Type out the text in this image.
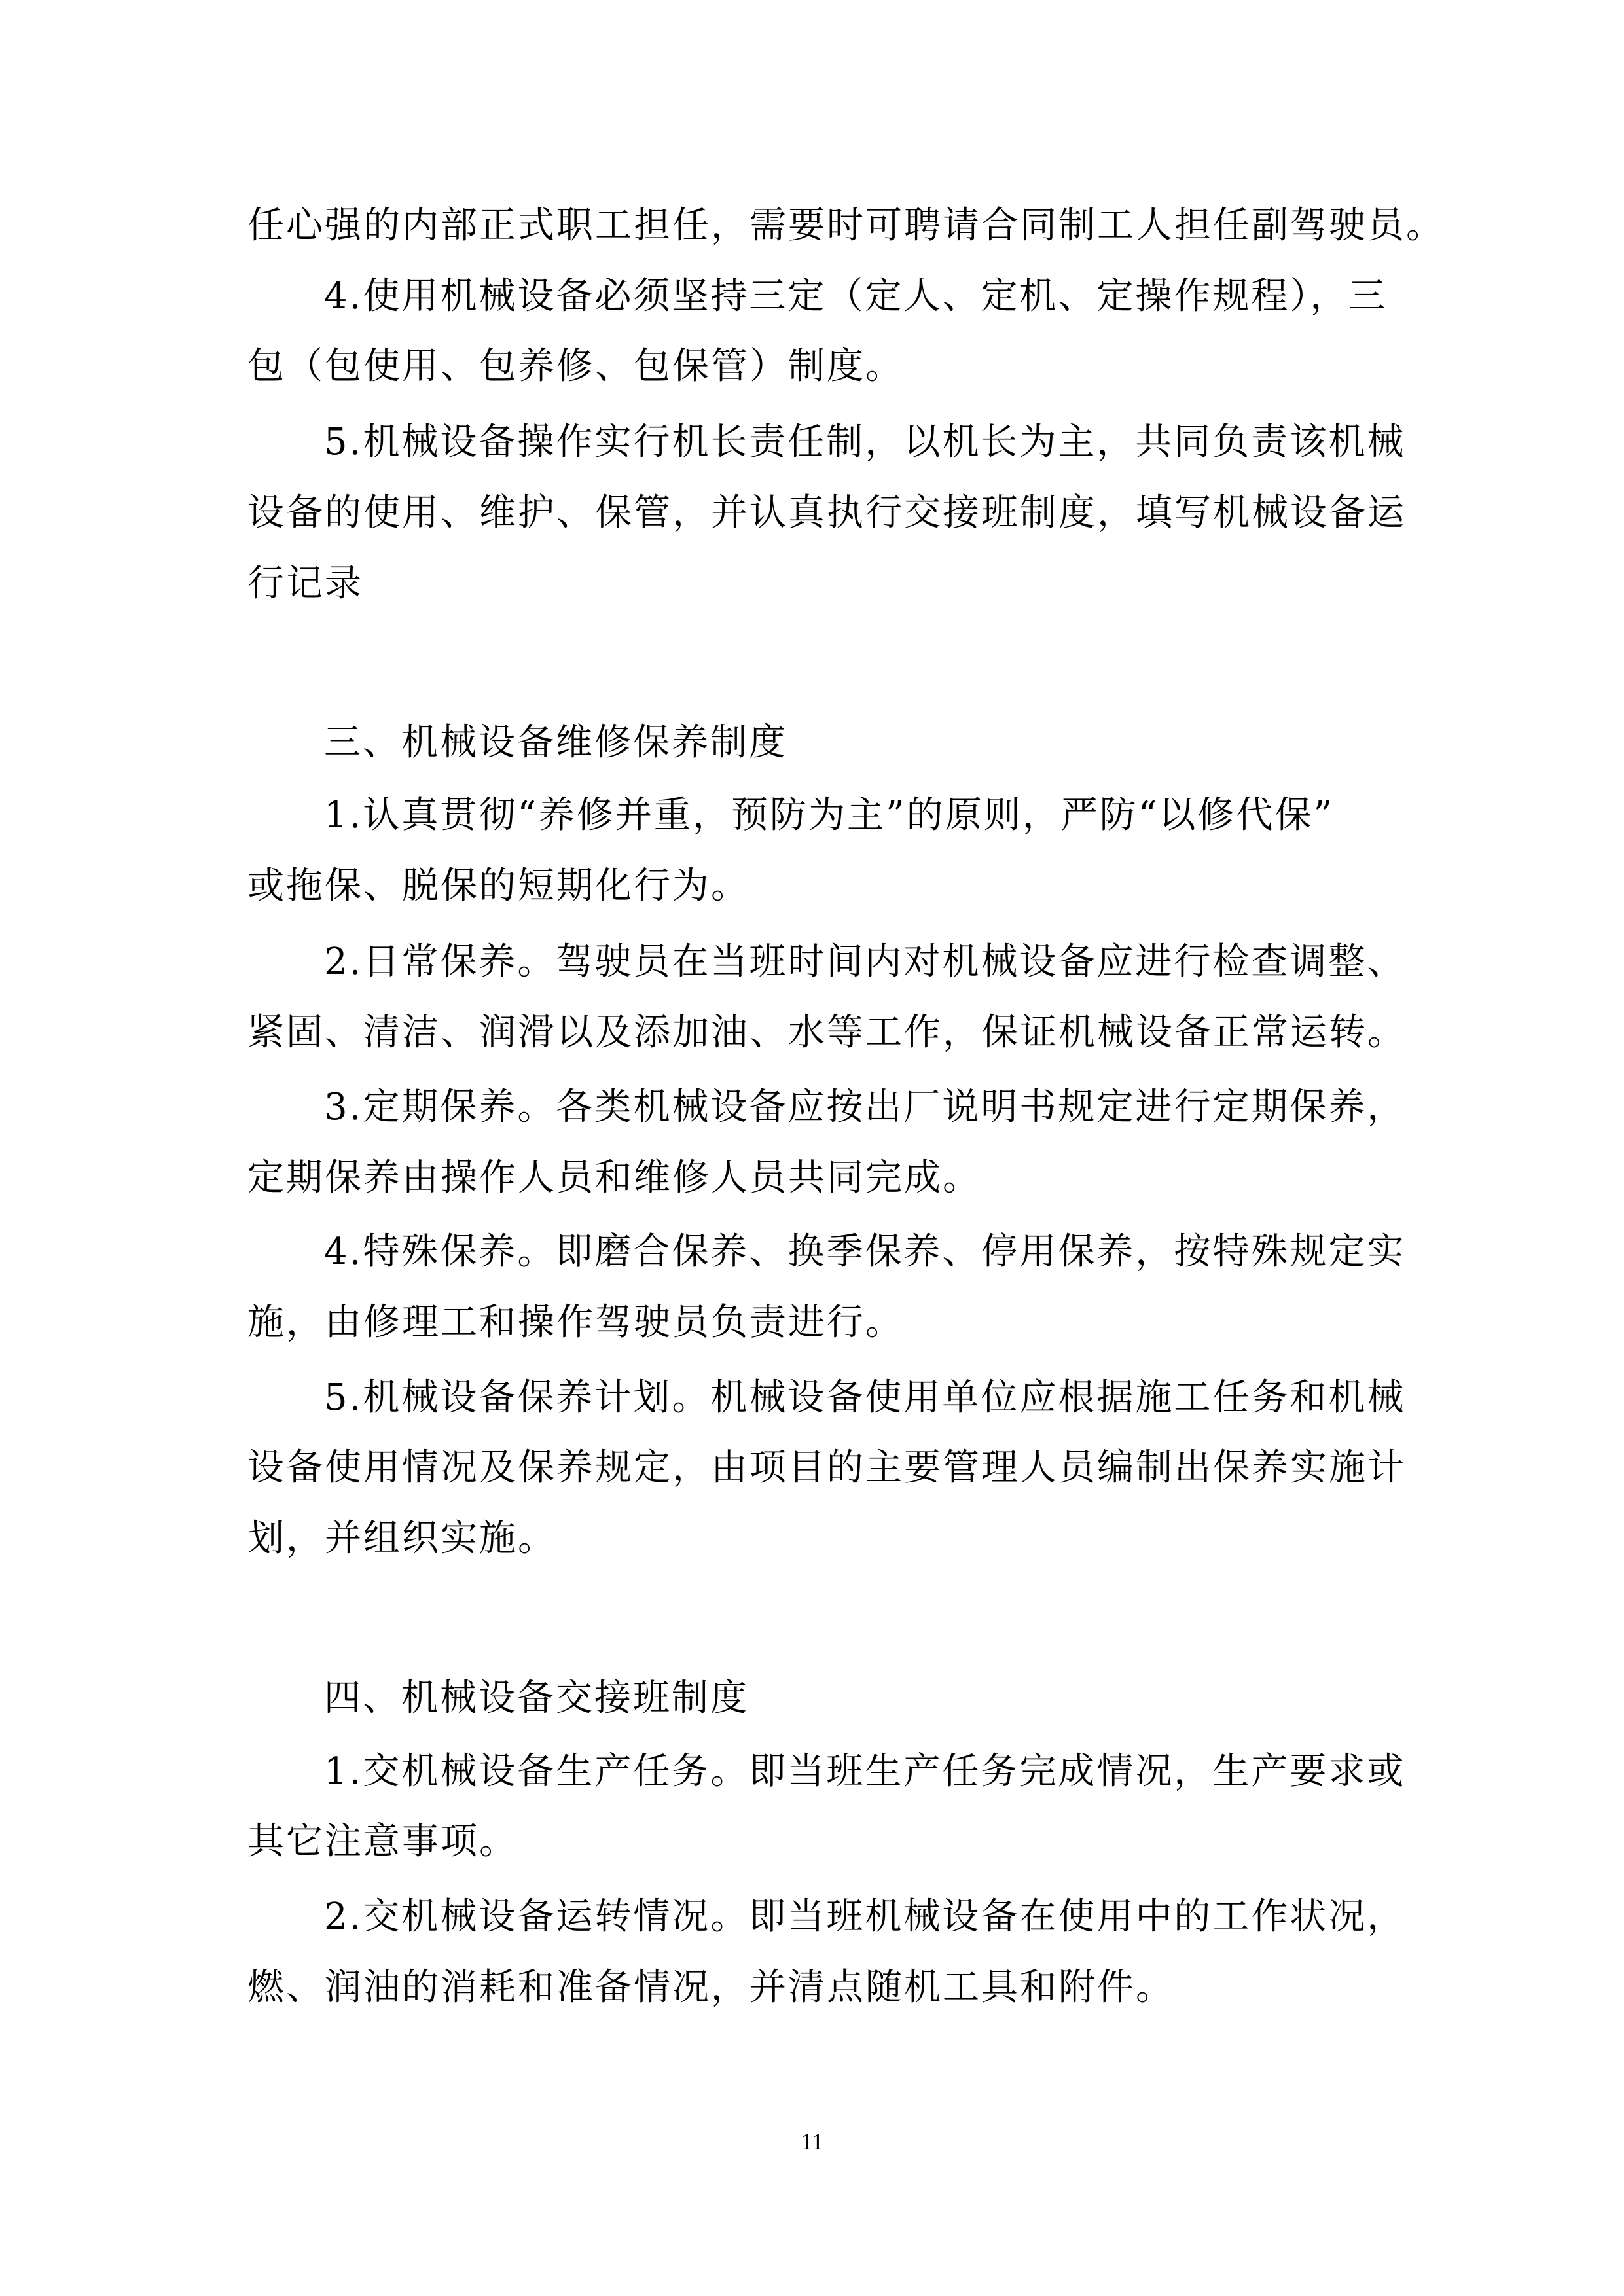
任心强的内部正式职工担任，需要时可聘请合同制工人担任副驾驶员。
4.使用机械设备必须坚持三定（定人、定机、定操作规程），三
包（包使用、包养修、包保管）制度。
5.机械设备操作实行机长责任制，以机长为主，共同负责该机械
设备的使用、维护、保管，并认真执行交接班制度，填写机械设备运
行记录
三、机械设备维修保养制度
1.认真贯彻“养修并重，预防为主”的原则，严防“以修代保”
或拖保、脱保的短期化行为。
2.日常保养。驾驶员在当班时间内对机械设备应进行检查调整、
紧固、清洁、润滑以及添加油、水等工作，保证机械设备正常运转。
3.定期保养。各类机械设备应按出厂说明书规定进行定期保养，
定期保养由操作人员和维修人员共同完成。
4.特殊保养。即磨合保养、换季保养、停用保养，按特殊规定实
施，由修理工和操作驾驶员负责进行。
5.机械设备保养计划。机械设备使用单位应根据施工任务和机械
设备使用情况及保养规定，由项目的主要管理人员编制出保养实施计
划，并组织实施。
四、机械设备交接班制度
1.交机械设备生产任务。即当班生产任务完成情况，生产要求或
其它注意事项。
2.交机械设备运转情况。即当班机械设备在使用中的工作状况，
燃、润油的消耗和准备情况，并清点随机工具和附件。
11
